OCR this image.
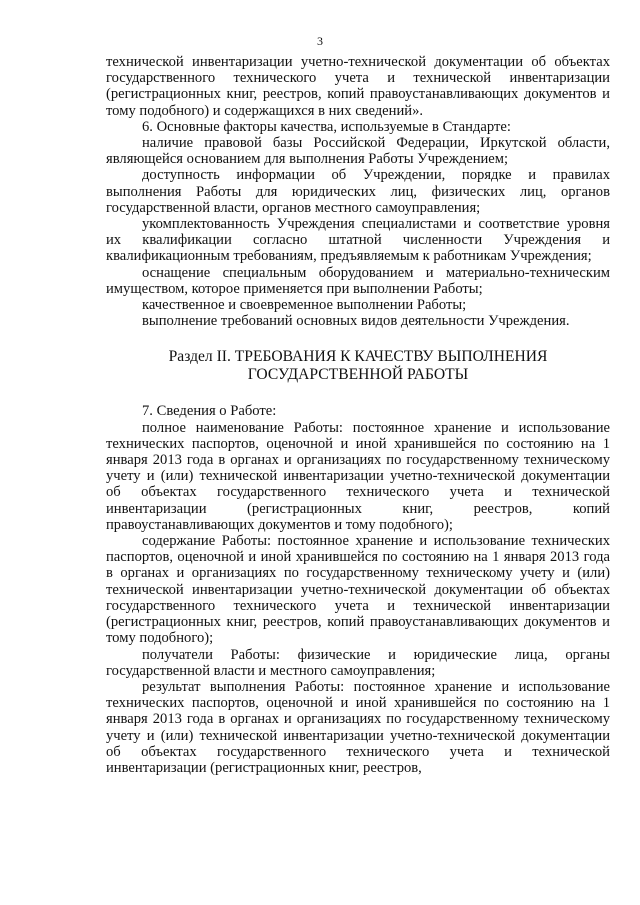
3

технической инвентаризации учетно-технической документации об объектах государственного технического учета и технической инвентаризации (регистрационных книг, реестров, копий правоустанавливающих документов и тому подобного) и содержащихся в них сведений».

6. Основные факторы качества, используемые в Стандарте:

наличие правовой базы Российской Федерации, Иркутской области, являющейся основанием для выполнения Работы Учреждением;

доступность информации об Учреждении, порядке и правилах выполнения Работы для юридических лиц, физических лиц, органов государственной власти, органов местного самоуправления;

укомплектованность Учреждения специалистами и соответствие уровня их квалификации согласно штатной численности Учреждения и квалификационным требованиям, предъявляемым к работникам Учреждения;

оснащение специальным оборудованием и материально-техническим имуществом, которое применяется при выполнении Работы;

качественное и своевременное выполнении Работы;

выполнение требований основных видов деятельности Учреждения.

Раздел II. ТРЕБОВАНИЯ К КАЧЕСТВУ ВЫПОЛНЕНИЯ
ГОСУДАРСТВЕННОЙ РАБОТЫ

7. Сведения о Работе:

полное наименование Работы: постоянное хранение и использование технических паспортов, оценочной и иной хранившейся по состоянию на 1 января 2013 года в органах и организациях по государственному техническому учету и (или) технической инвентаризации учетно-технической документации об объектах государственного технического учета и технической инвентаризации (регистрационных книг, реестров, копий правоустанавливающих документов и тому подобного);

содержание Работы: постоянное хранение и использование технических паспортов, оценочной и иной хранившейся по состоянию на 1 января 2013 года в органах и организациях по государственному техническому учету и (или) технической инвентаризации учетно-технической документации об объектах государственного технического учета и технической инвентаризации (регистрационных книг, реестров, копий правоустанавливающих документов и тому подобного);

получатели Работы: физические и юридические лица, органы государственной власти и местного самоуправления;

результат выполнения Работы: постоянное хранение и использование технических паспортов, оценочной и иной хранившейся по состоянию на 1 января 2013 года в органах и организациях по государственному техническому учету и (или) технической инвентаризации учетно-технической документации об объектах государственного технического учета и технической инвентаризации (регистрационных книг, реестров,
